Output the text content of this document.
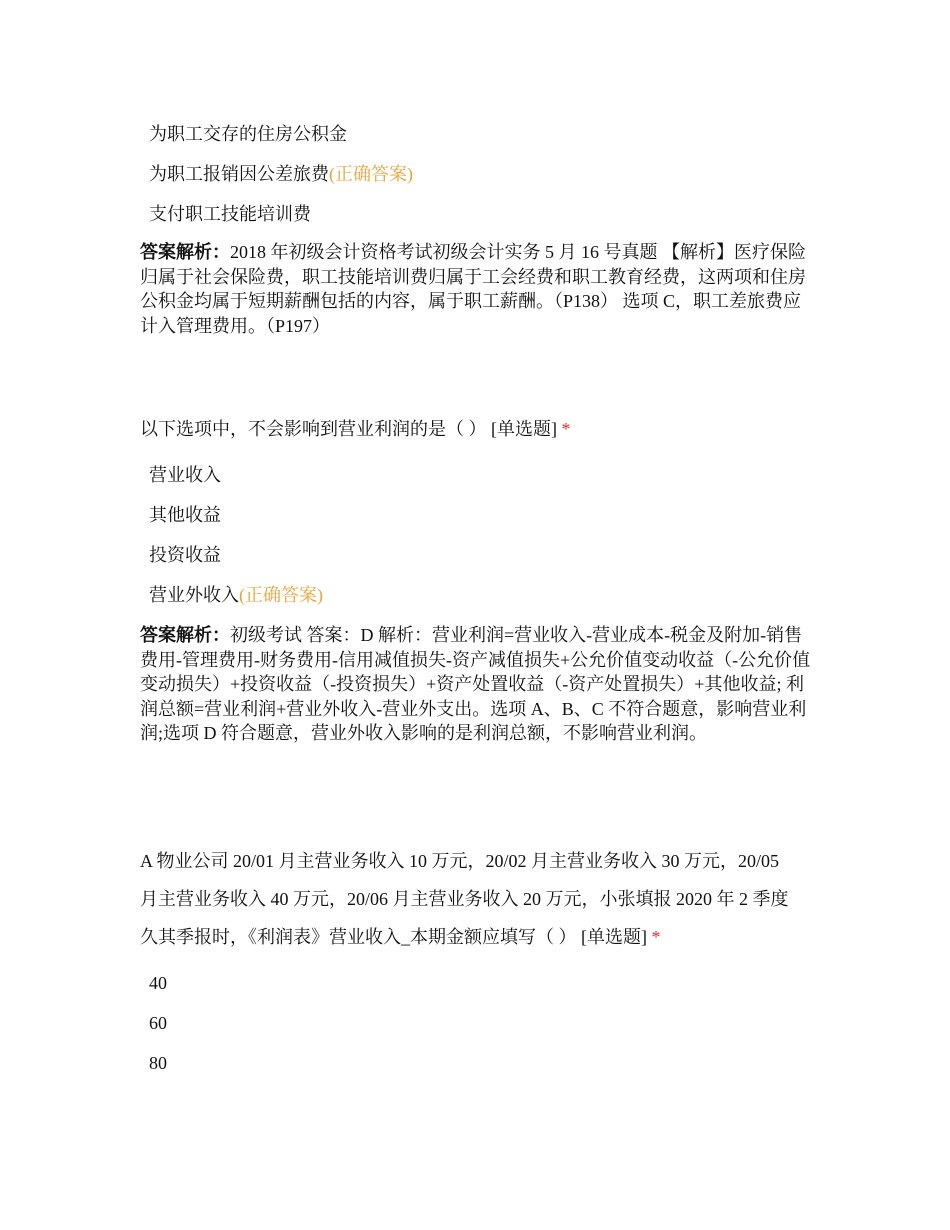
为职工交存的住房公积金
为职工报销因公差旅费(正确答案)
支付职工技能培训费
答案解析：2018 年初级会计资格考试初级会计实务 5 月 16 号真题 【解析】医疗保险归属于社会保险费，职工技能培训费归属于工会经费和职工教育经费，这两项和住房公积金均属于短期薪酬包括的内容，属于职工薪酬。（P138） 选项 C，职工差旅费应计入管理费用。（P197）
以下选项中，不会影响到营业利润的是（ ） [单选题] *
营业收入
其他收益
投资收益
营业外收入(正确答案)
答案解析：初级考试 答案：D 解析：营业利润=营业收入-营业成本-税金及附加-销售费用-管理费用-财务费用-信用减值损失-资产减值损失+公允价值变动收益（-公允价值变动损失）+投资收益（-投资损失）+资产处置收益（-资产处置损失）+其他收益; 利润总额=营业利润+营业外收入-营业外支出。选项 A、B、C 不符合题意，影响营业利润;选项 D 符合题意，营业外收入影响的是利润总额，不影响营业利润。
A 物业公司 20/01 月主营业务收入 10 万元，20/02 月主营业务收入 30 万元，20/05
月主营业务收入 40 万元，20/06 月主营业务收入 20 万元，小张填报 2020 年 2 季度
久其季报时，《利润表》营业收入_本期金额应填写（ ） [单选题] *
40
60
80
